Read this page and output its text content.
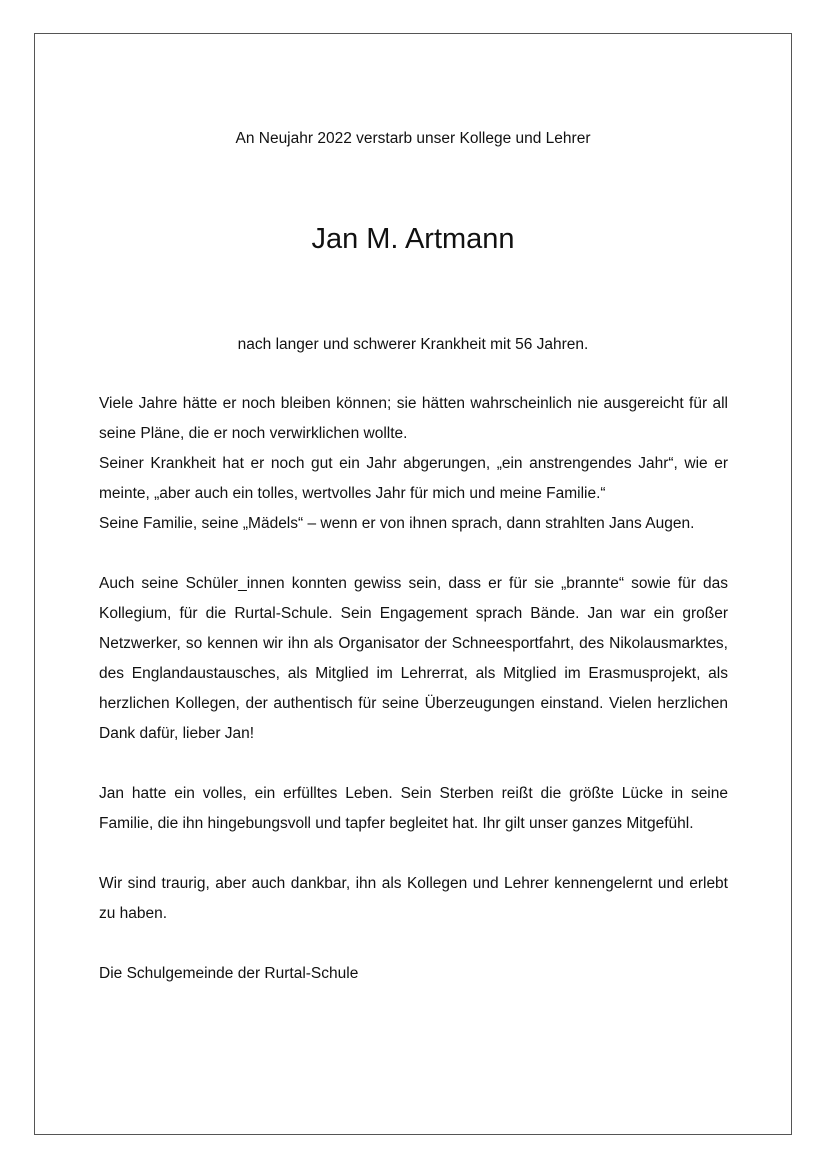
An Neujahr 2022 verstarb unser Kollege und Lehrer
Jan M. Artmann
nach langer und schwerer Krankheit mit 56 Jahren.

Viele Jahre hätte er noch bleiben können; sie hätten wahrscheinlich nie ausgereicht für all seine Pläne, die er noch verwirklichen wollte.
Seiner Krankheit hat er noch gut ein Jahr abgerungen, „ein anstrengendes Jahr“, wie er meinte, „aber auch ein tolles, wertvolles Jahr für mich und meine Familie.“
Seine Familie, seine „Mädels“ – wenn er von ihnen sprach, dann strahlten Jans Augen.

Auch seine Schüler_innen konnten gewiss sein, dass er für sie „brannte“ sowie für das Kollegium, für die Rurtal-Schule. Sein Engagement sprach Bände. Jan war ein großer Netzwerker, so kennen wir ihn als Organisator der Schneesportfahrt, des Nikolausmarktes, des Englandaustausches, als Mitglied im Lehrerrat, als Mitglied im Erasmusprojekt, als herzlichen Kollegen, der authentisch für seine Überzeugungen einstand. Vielen herzlichen Dank dafür, lieber Jan!

Jan hatte ein volles, ein erfülltes Leben. Sein Sterben reißt die größte Lücke in seine Familie, die ihn hingebungsvoll und tapfer begleitet hat. Ihr gilt unser ganzes Mitgefühl.

Wir sind traurig, aber auch dankbar, ihn als Kollegen und Lehrer kennengelernt und erlebt zu haben.

Die Schulgemeinde der Rurtal-Schule
